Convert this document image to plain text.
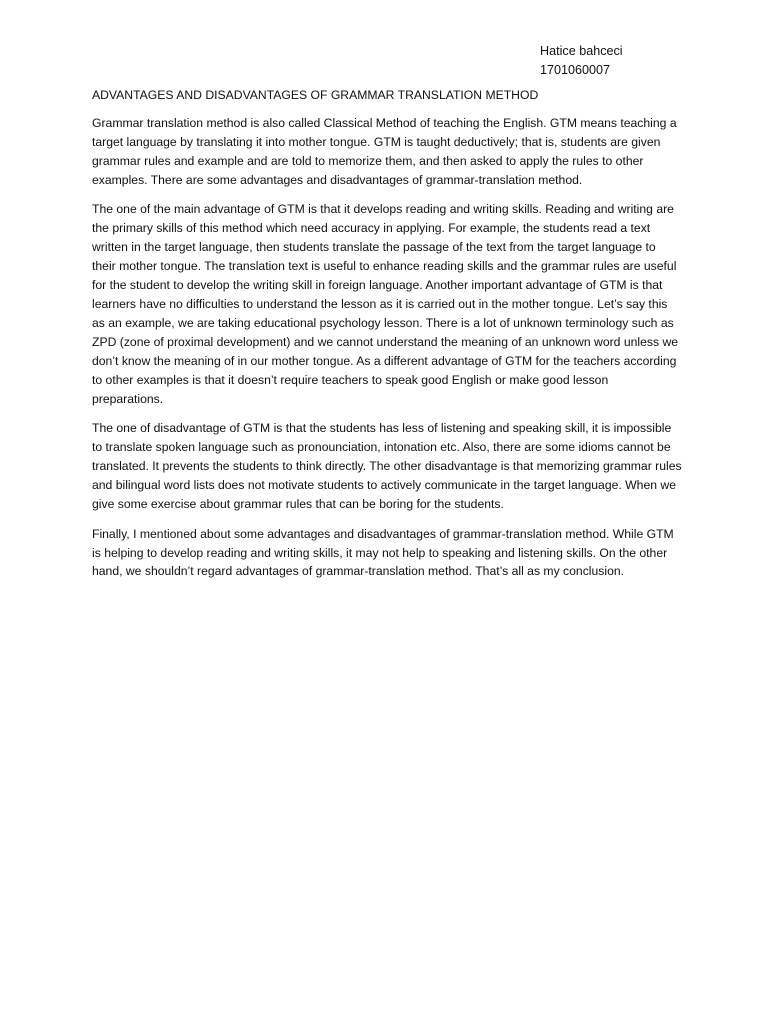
Hatice bahceci
1701060007
ADVANTAGES AND DISADVANTAGES OF GRAMMAR TRANSLATION METHOD

Grammar translation method is also called Classical Method of teaching the English. GTM means teaching a target language by translating it into mother tongue. GTM is taught deductively; that is, students are given grammar rules and example and are told to memorize them, and then asked to apply the rules to other examples. There are some advantages and disadvantages of grammar-translation method.

The one of the main advantage of GTM is that it develops reading and writing skills. Reading and writing are the primary skills of this method which need accuracy in applying. For example, the students read a text written in the target language, then students translate the passage of the text from the target language to their mother tongue. The translation text is useful to enhance reading skills and the grammar rules are useful for the student to develop the writing skill in foreign language. Another important advantage of GTM is that learners have no difficulties to understand the lesson as it is carried out in the mother tongue. Let’s say this as an example, we are taking educational psychology lesson. There is a lot of unknown terminology such as ZPD (zone of proximal development) and we cannot understand the meaning of an unknown word unless we don’t know the meaning of in our mother tongue. As a different advantage of GTM for the teachers according to other examples is that it doesn’t require teachers to speak good English or make good lesson preparations.

The one of disadvantage of GTM is that the students has less of listening and speaking skill, it is impossible to translate spoken language such as pronounciation, intonation etc. Also, there are some idioms cannot be translated. It prevents the students to think directly. The other disadvantage is that memorizing grammar rules and bilingual word lists does not motivate students to actively communicate in the target language. When we give some exercise about grammar rules that can be boring for the students.

Finally, I mentioned about some advantages and disadvantages of grammar-translation method. While GTM is helping to develop reading and writing skills, it may not help to speaking and listening skills. On the other hand, we shouldn’t regard advantages of grammar-translation method. That’s all as my conclusion.
